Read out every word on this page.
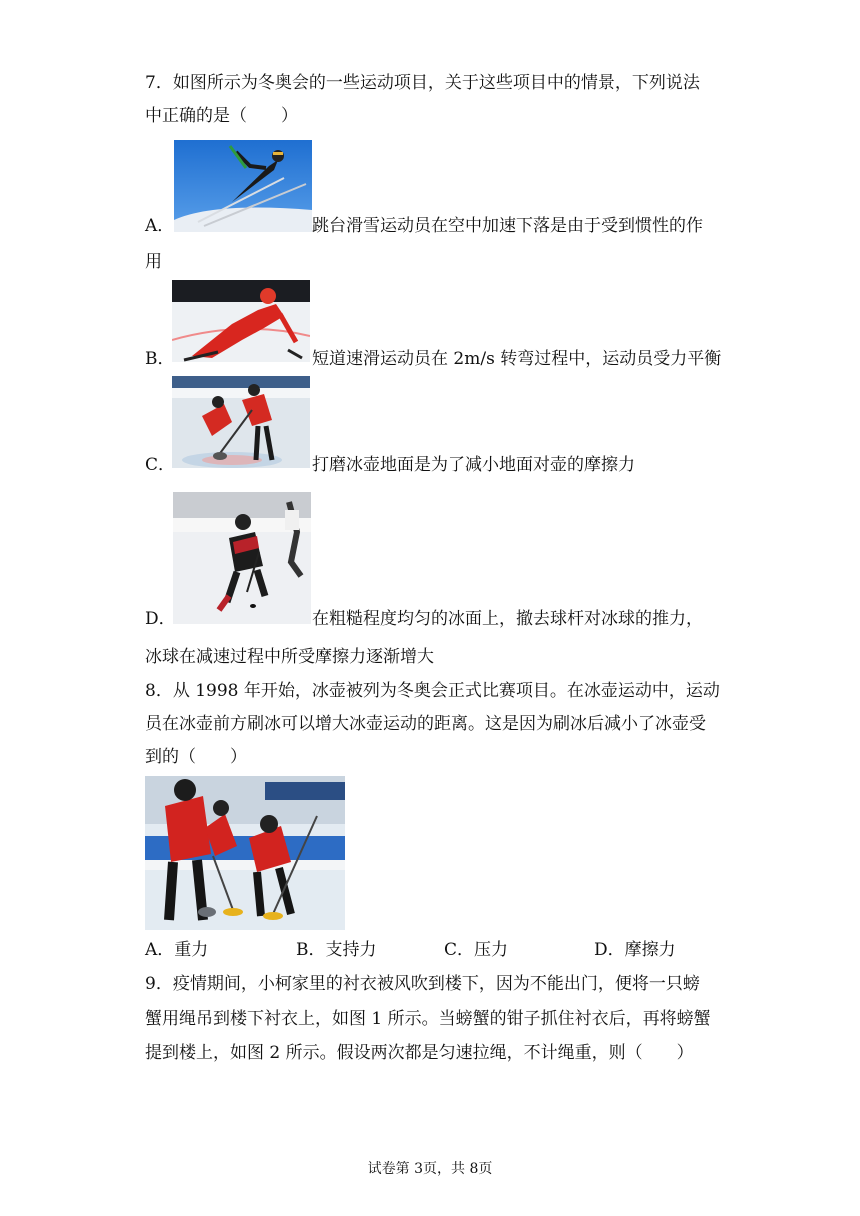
7．如图所示为冬奥会的一些运动项目，关于这些项目中的情景，下列说法
中正确的是（　　）
A．	跳台滑雪运动员在空中加速下落是由于受到惯性的作
用
B．	短道速滑运动员在 2m/s 转弯过程中，运动员受力平衡
C．	打磨冰壶地面是为了减小地面对壶的摩擦力
D．	在粗糙程度均匀的冰面上，撤去球杆对冰球的推力，
冰球在减速过程中所受摩擦力逐渐增大
8．从 1998 年开始，冰壶被列为冬奥会正式比赛项目。在冰壶运动中，运动
员在冰壶前方刷冰可以增大冰壶运动的距离。这是因为刷冰后减小了冰壶受
到的（　　）
A．重力	B．支持力	C．压力	D．摩擦力
9．疫情期间，小柯家里的衬衣被风吹到楼下，因为不能出门，便将一只螃
蟹用绳吊到楼下衬衣上，如图 1 所示。当螃蟹的钳子抓住衬衣后，再将螃蟹
提到楼上，如图 2 所示。假设两次都是匀速拉绳，不计绳重，则（　　）
试卷第 3页，共 8页
